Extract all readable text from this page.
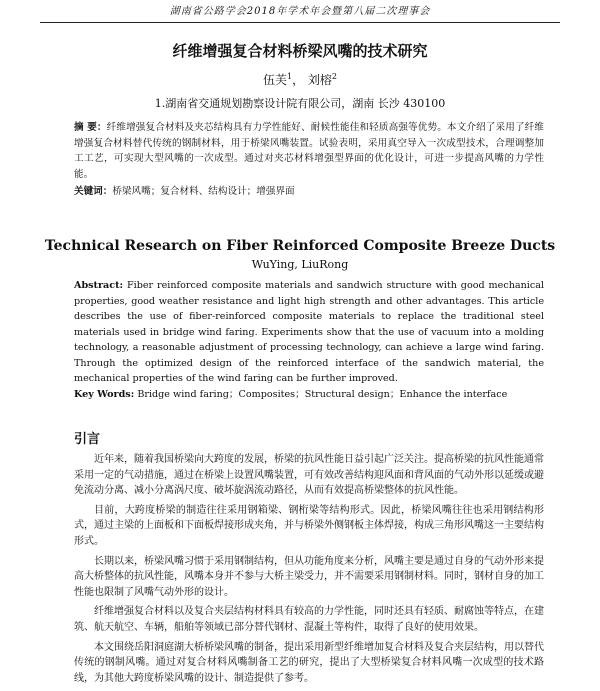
湖南省公路学会2018年学术年会暨第八届二次理事会
纤维增强复合材料桥梁风嘴的技术研究
伍芙$^1$， 刘榕$^2$
1.湖南省交通规划勘察设计院有限公司，湖南 长沙 430100
摘 要：纤维增强复合材料及夹芯结构具有力学性能好、耐候性能佳和轻质高强等优势。本文介绍了采用了纤维增强复合材料替代传统的钢制材料，用于桥梁风嘴装置。试验表明，采用真空导入一次成型技术，合理调整加工工艺，可实现大型风嘴的一次成型。通过对夹芯材料增强型界面的优化设计，可进一步提高风嘴的力学性能。
关键词：桥梁风嘴；复合材料、结构设计；增强界面
Technical Research on Fiber Reinforced Composite Breeze Ducts
WuYing, LiuRong
Abstract: Fiber reinforced composite materials and sandwich structure with good mechanical properties, good weather resistance and light high strength and other advantages. This article describes the use of fiber-reinforced composite materials to replace the traditional steel materials used in bridge wind faring. Experiments show that the use of vacuum into a molding technology, a reasonable adjustment of processing technology, can achieve a large wind faring. Through the optimized design of the reinforced interface of the sandwich material, the mechanical properties of the wind faring can be further improved.
Key Words: Bridge wind faring；Composites；Structural design；Enhance the interface
引言

近年来，随着我国桥梁向大跨度的发展，桥梁的抗风性能日益引起广泛关注。提高桥梁的抗风性能通常采用一定的气动措施，通过在桥梁上设置风嘴装置，可有效改善结构迎风面和背风面的气动外形以延缓或避免流动分离、减小分离涡尺度、破坏旋涡流动路径，从而有效提高桥梁整体的抗风性能。

目前，大跨度桥梁的制造往往采用钢箱梁、钢桁梁等结构形式。因此，桥梁风嘴往往也采用钢结构形式，通过主梁的上面板和下面板焊接形成夹角，并与桥梁外侧钢板主体焊接，构成三角形风嘴这一主要结构形式。

长期以来，桥梁风嘴习惯于采用钢制结构，但从功能角度来分析，风嘴主要是通过自身的气动外形来提高大桥整体的抗风性能，风嘴本身并不参与大桥主梁受力，并不需要采用钢制材料。同时，钢材自身的加工性能也限制了风嘴气动外形的设计。

纤维增强复合材料以及复合夹层结构材料具有较高的力学性能，同时还具有轻质、耐腐蚀等特点，在建筑、航天航空、车辆，船舶等领域已部分替代钢材、混凝土等构件，取得了良好的使用效果。

本文围绕岳阳洞庭湖大桥桥梁风嘴的制备，提出采用新型纤维增加复合材料及复合夹层结构，用以替代传统的钢制风嘴。通过对复合材料风嘴制备工艺的研究，提出了大型桥梁复合材料风嘴一次成型的技术路线，为其他大跨度桥梁风嘴的设计、制造提供了参考。
